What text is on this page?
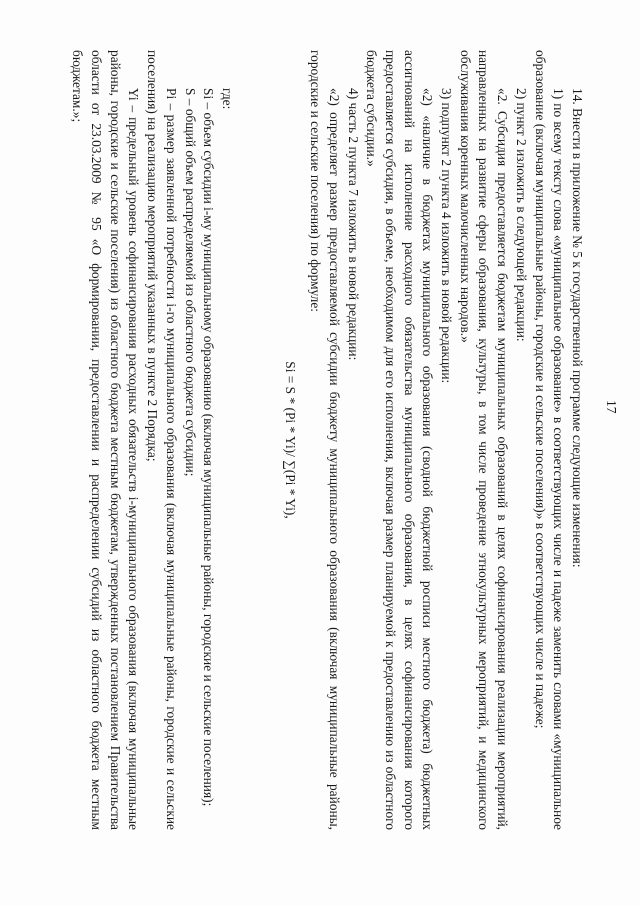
17

14. Внести в приложение № 5 к государственной программе следующие изменения:

1) по всему тексту слова «муниципальное образование» в соответствующих числе и падеже заменить словами «муниципальное образование (включая муниципальные районы, городские и сельские поселения)» в соответствующих числе и падеже;

2) пункт 2 изложить в следующей редакции:

«2. Субсидия предоставляется бюджетам муниципальных образований в целях софинансирования реализации мероприятий, направленных на развитие сферы образования, культуры, в том числе проведение этнокультурных мероприятий, и медицинского обслуживания коренных малочисленных народов.»

3) подпункт 2 пункта 4 изложить в новой редакции:

«2) «наличие в бюджетах муниципального образования (сводной бюджетной росписи местного бюджета) бюджетных ассигнований на исполнение расходного обязательства муниципального образования, в целях софинансирования которого предоставляется субсидия, в объеме, необходимом для его исполнения, включая размер планируемой к предоставлению из областного бюджета субсидии.»

4) часть 2 пункта 7 изложить в новой редакции:

«2) определяет размер предоставляемой субсидии бюджету муниципального образования (включая муниципальные районы, городские и сельские поселения) по формуле:

Si = S * (Pi * Yi)/ ∑(Pi * Yi),

где:

Si – объем субсидии i-му муниципальному образованию (включая муниципальные районы, городские и сельские поселения);

S – общий объем распределяемой из областного бюджета субсидии;

Pi – размер заявленной потребности i-го муниципального образования (включая муниципальные районы, городские и сельские поселения) на реализацию мероприятий указанных в пункте 2 Порядка;

Yi – предельный уровень софинансирования расходных обязательств i-муниципального образования (включая муниципальные районы, городские и сельские поселения) из областного бюджета местным бюджетам, утвержденных постановлением Правительства области от 23.03.2009 № 95 «О формировании, предоставлении и распределении субсидий из областного бюджета местным бюджетам.»;
